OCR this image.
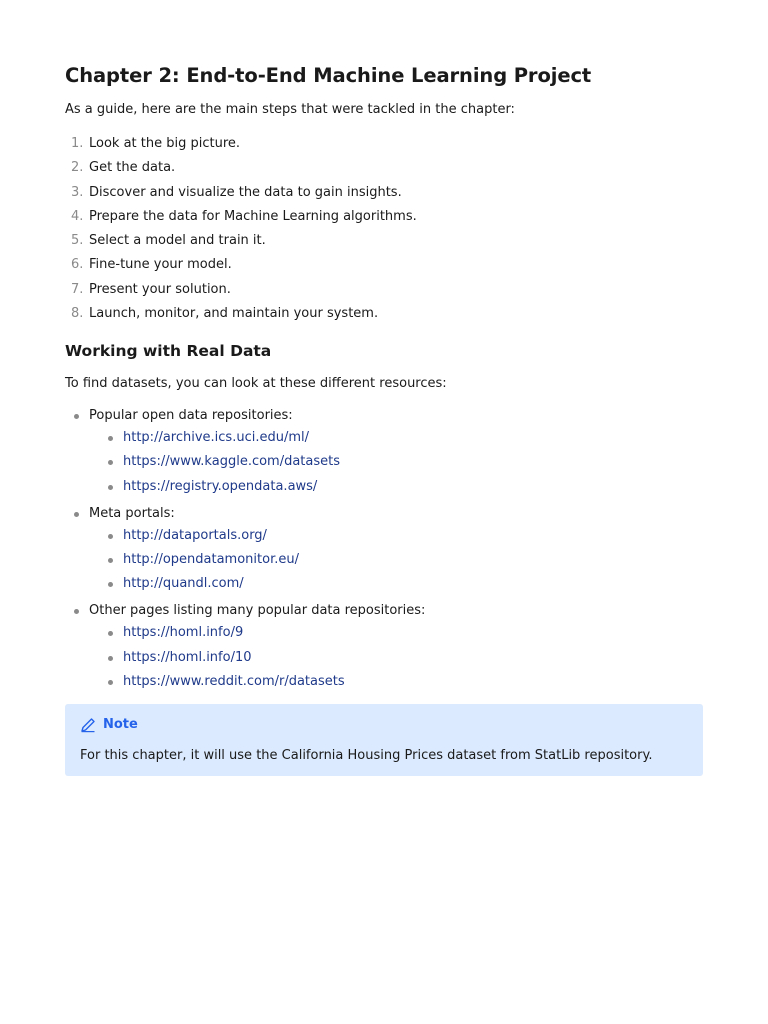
Chapter 2: End-to-End Machine Learning Project

As a guide, here are the main steps that were tackled in the chapter:

1. Look at the big picture.
2. Get the data.
3. Discover and visualize the data to gain insights.
4. Prepare the data for Machine Learning algorithms.
5. Select a model and train it.
6. Fine-tune your model.
7. Present your solution.
8. Launch, monitor, and maintain your system.
Working with Real Data

To find datasets, you can look at these different resources:

Popular open data repositories:
http://archive.ics.uci.edu/ml/
https://www.kaggle.com/datasets
https://registry.opendata.aws/
Meta portals:
http://dataportals.org/
http://opendatamonitor.eu/
http://quandl.com/
Other pages listing many popular data repositories:
https://homl.info/9
https://homl.info/10
https://www.reddit.com/r/datasets
Note
For this chapter, it will use the California Housing Prices dataset from StatLib repository.
